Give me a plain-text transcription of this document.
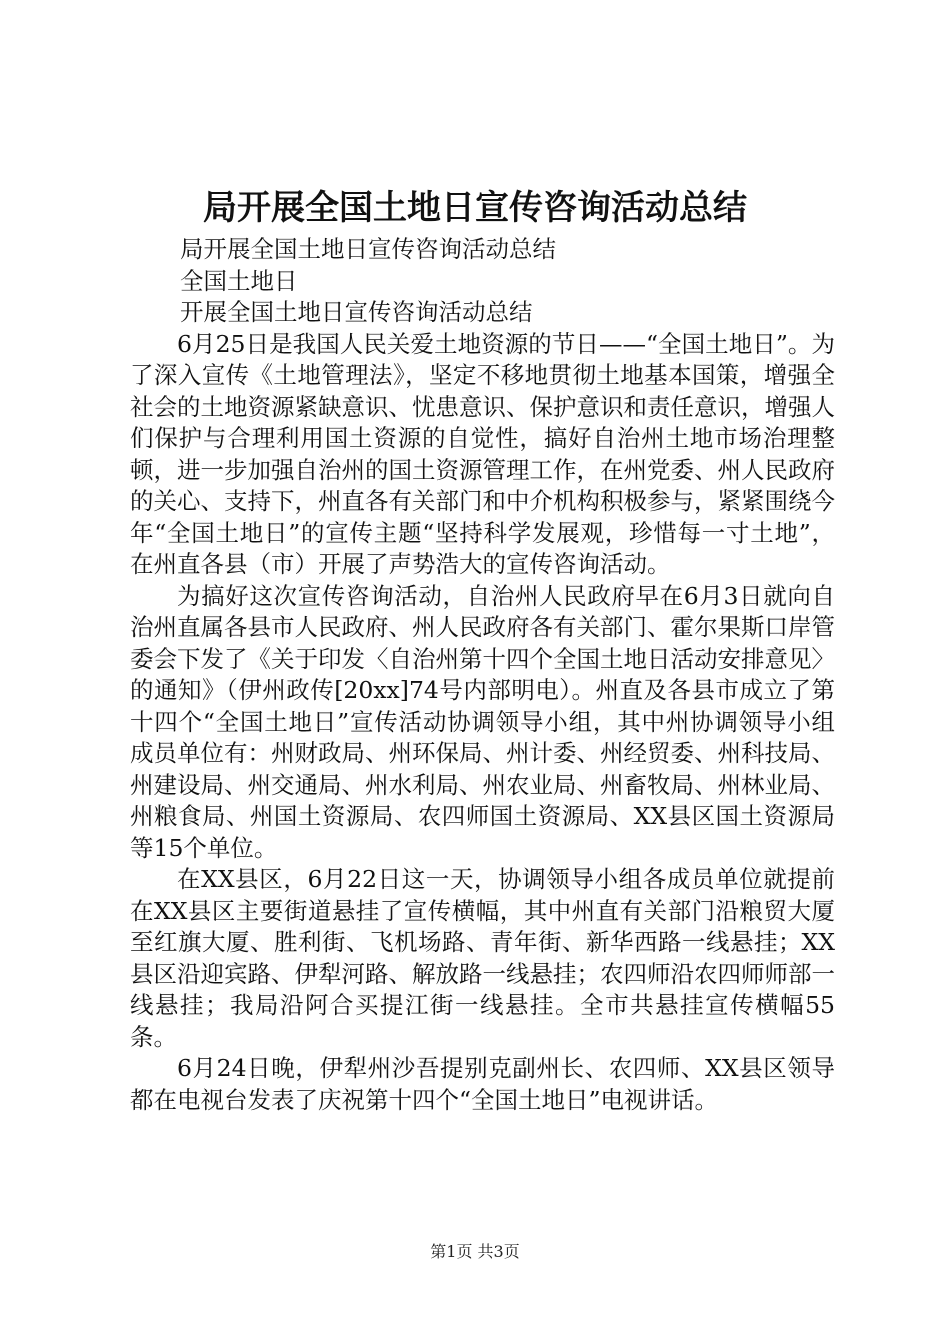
局开展全国土地日宣传咨询活动总结

局开展全国土地日宣传咨询活动总结

全国土地日

开展全国土地日宣传咨询活动总结

6月25日是我国人民关爱土地资源的节日——“全国土地日”。为了深入宣传《土地管理法》，坚定不移地贯彻土地基本国策，增强全社会的土地资源紧缺意识、忧患意识、保护意识和责任意识，增强人们保护与合理利用国土资源的自觉性，搞好自治州土地市场治理整顿，进一步加强自治州的国土资源管理工作，在州党委、州人民政府的关心、支持下，州直各有关部门和中介机构积极参与，紧紧围绕今年“全国土地日”的宣传主题“坚持科学发展观，珍惜每一寸土地”，在州直各县（市）开展了声势浩大的宣传咨询活动。

为搞好这次宣传咨询活动，自治州人民政府早在6月3日就向自治州直属各县市人民政府、州人民政府各有关部门、霍尔果斯口岸管委会下发了《关于印发〈自治州第十四个全国土地日活动安排意见〉的通知》（伊州政传[20xx]74号内部明电）。州直及各县市成立了第十四个“全国土地日”宣传活动协调领导小组，其中州协调领导小组成员单位有：州财政局、州环保局、州计委、州经贸委、州科技局、州建设局、州交通局、州水利局、州农业局、州畜牧局、州林业局、州粮食局、州国土资源局、农四师国土资源局、XX县区国土资源局等15个单位。

在XX县区，6月22日这一天，协调领导小组各成员单位就提前在XX县区主要街道悬挂了宣传横幅，其中州直有关部门沿粮贸大厦至红旗大厦、胜利街、飞机场路、青年街、新华西路一线悬挂；XX县区沿迎宾路、伊犁河路、解放路一线悬挂；农四师沿农四师师部一线悬挂；我局沿阿合买提江街一线悬挂。全市共悬挂宣传横幅55条。

6月24日晚，伊犁州沙吾提别克副州长、农四师、XX县区领导都在电视台发表了庆祝第十四个“全国土地日”电视讲话。

第1页 共3页
